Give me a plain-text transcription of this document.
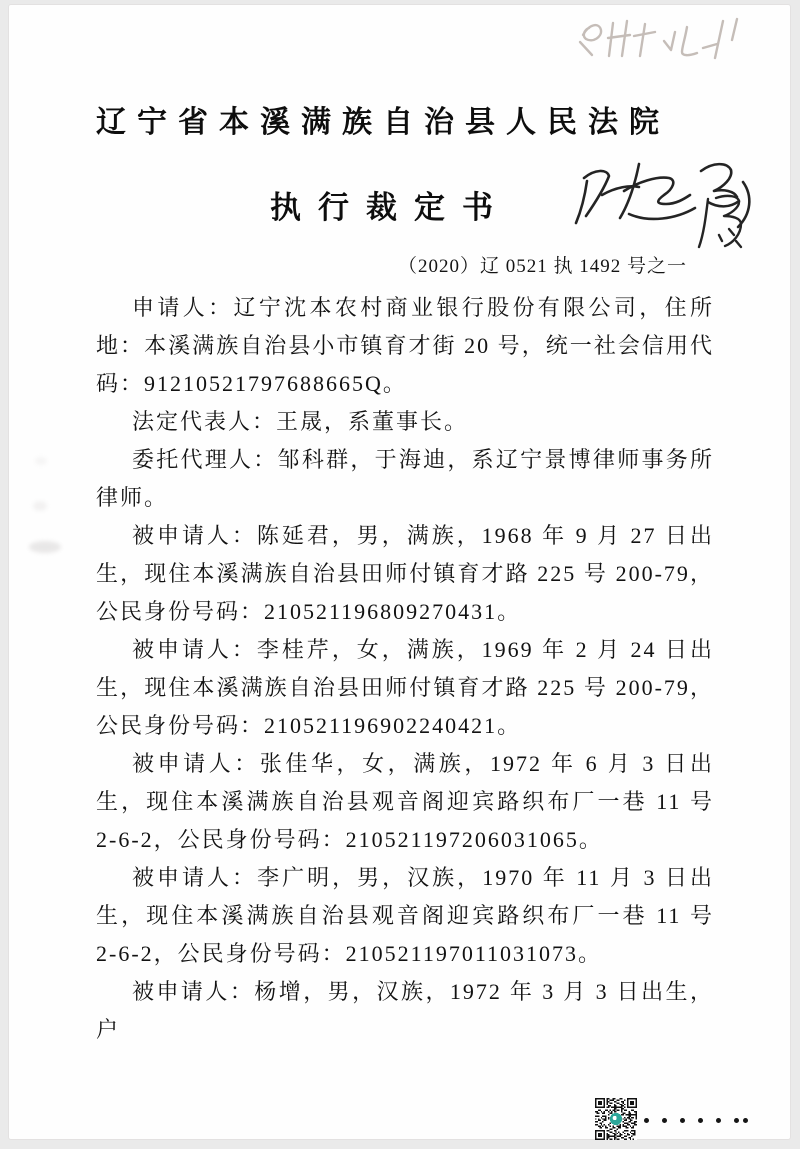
辽宁省本溪满族自治县人民法院
执行裁定书
（2020）辽 0521 执 1492 号之一

申请人：辽宁沈本农村商业银行股份有限公司，住所地：本溪满族自治县小市镇育才街 20 号，统一社会信用代码：91210521797688665Q。

法定代表人：王晟，系董事长。

委托代理人：邹科群，于海迪，系辽宁景博律师事务所律师。

被申请人：陈延君，男，满族，1968 年 9 月 27 日出生，现住本溪满族自治县田师付镇育才路 225 号 200-79，公民身份号码：210521196809270431。

被申请人：李桂芹，女，满族，1969 年 2 月 24 日出生，现住本溪满族自治县田师付镇育才路 225 号 200-79，公民身份号码：210521196902240421。

被申请人：张佳华，女，满族，1972 年 6 月 3 日出生，现住本溪满族自治县观音阁迎宾路织布厂一巷 11 号 2-6-2，公民身份号码：210521197206031065。

被申请人：李广明，男，汉族，1970 年 11 月 3 日出生，现住本溪满族自治县观音阁迎宾路织布厂一巷 11 号 2-6-2，公民身份号码：210521197011031073。

被申请人：杨增，男，汉族，1972 年 3 月 3 日出生，户
